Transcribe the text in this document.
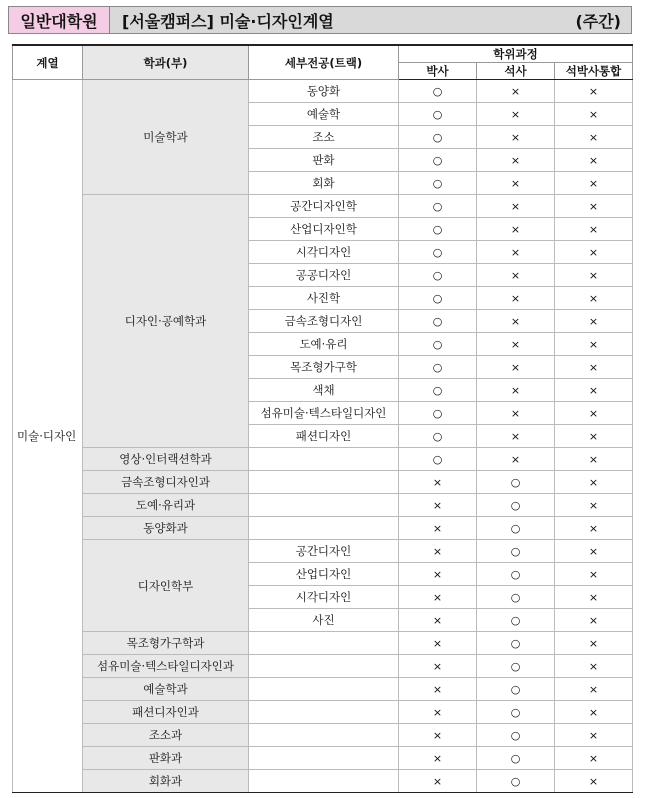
일반대학원	[서울캠퍼스] 미술·디자인계열	(주간)
계열	학과(부)	세부전공(트랙)	학위과정		
			박사	석사	석박사통합
미술·디자인	미술학과	동양화	○	×	×
		예술학	○	×	×
		조소	○	×	×
		판화	○	×	×
		회화	○	×	×
	디자인·공예학과	공간디자인학	○	×	×
		산업디자인학	○	×	×
		시각디자인	○	×	×
		공공디자인	○	×	×
		사진학	○	×	×
		금속조형디자인	○	×	×
		도예·유리	○	×	×
		목조형가구학	○	×	×
		색채	○	×	×
		섬유미술·텍스타일디자인	○	×	×
		패션디자인	○	×	×
	영상·인터랙션학과		○	×	×
	금속조형디자인과		×	○	×
	도예·유리과		×	○	×
	동양화과		×	○	×
	디자인학부	공간디자인	×	○	×
		산업디자인	×	○	×
		시각디자인	×	○	×
		사진	×	○	×
	목조형가구학과		×	○	×
	섬유미술·텍스타일디자인과		×	○	×
	예술학과		×	○	×
	패션디자인과		×	○	×
	조소과		×	○	×
	판화과		×	○	×
	회화과		×	○	×
